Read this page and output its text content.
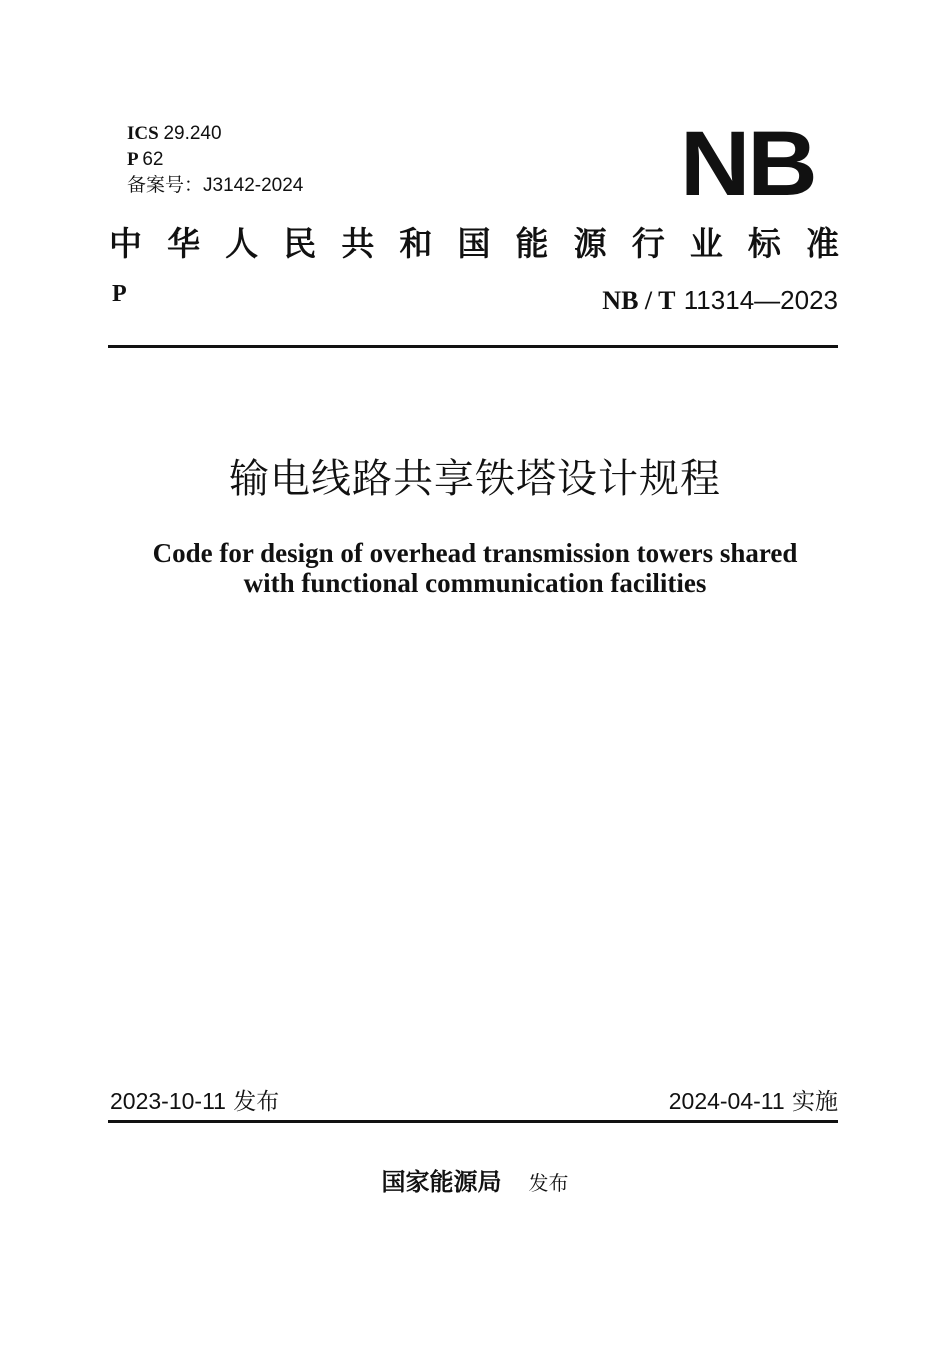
ICS 29.240
P 62
备案号：J3142-2024	NB
中 华 人 民 共 和 国 能 源 行 业 标 准
P	NB / T 11314—2023
输电线路共享铁塔设计规程
Code for design of overhead transmission towers shared
with functional communication facilities
2023-10-11 发布	2024-04-11 实施
国家能源局 发布
